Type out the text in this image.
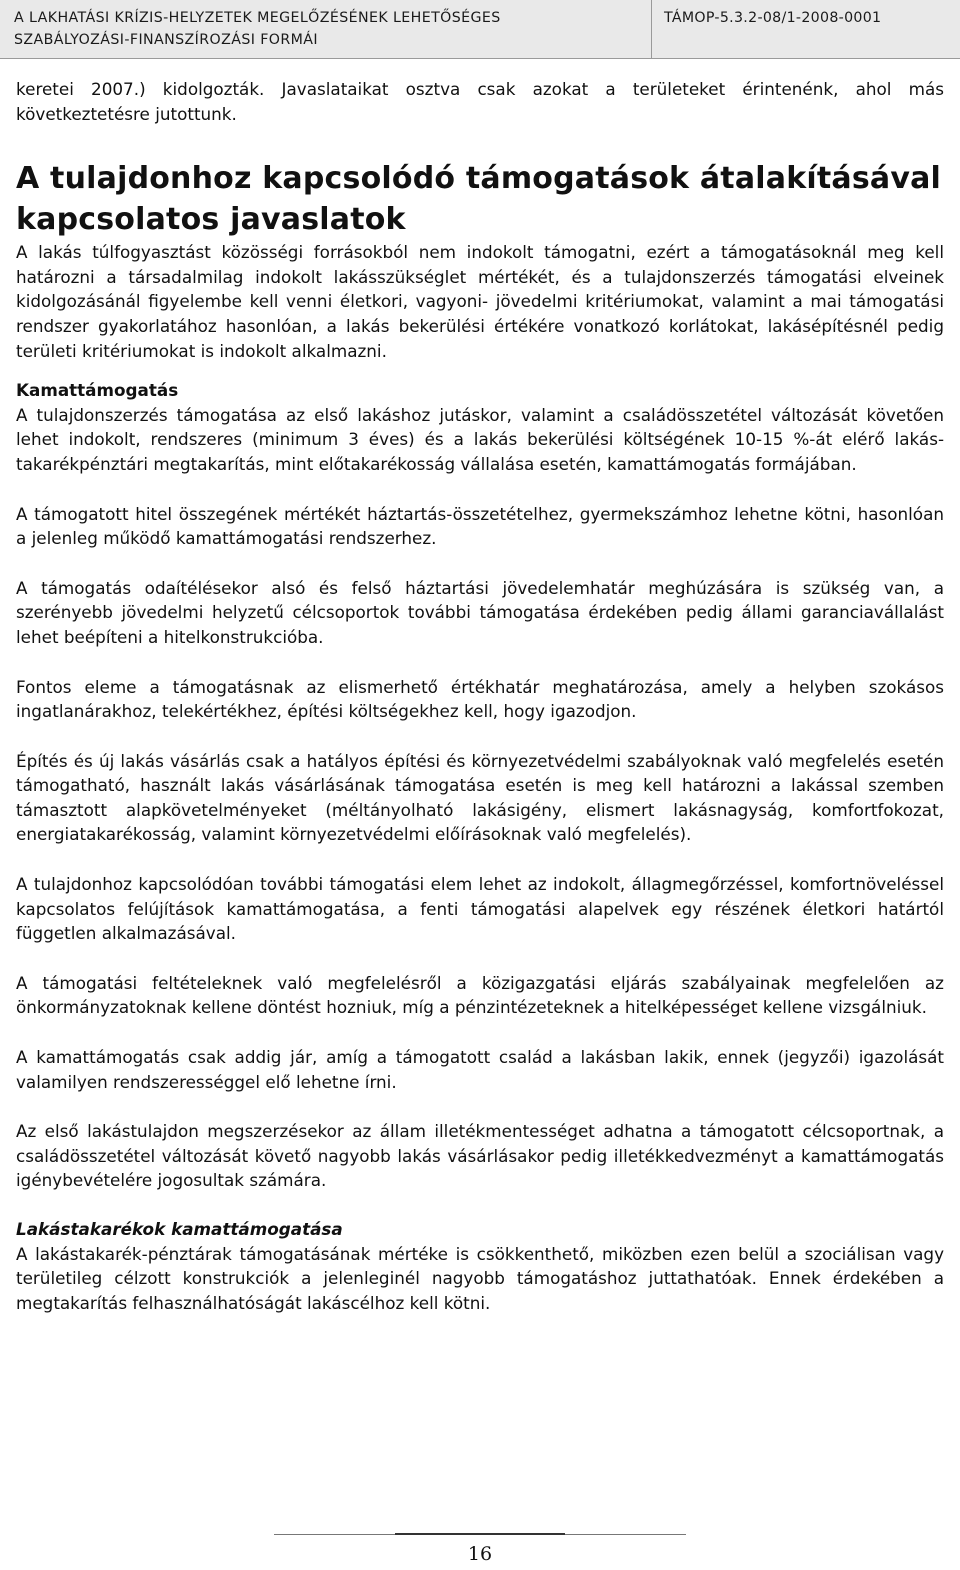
A LAKHATÁSI KRÍZIS-HELYZETEK MEGELŐZÉSÉNEK LEHETŐSÉGES
SZABÁLYOZÁSI-FINANSZÍROZÁSI FORMÁI
TÁMOP-5.3.2-08/1-2008-0001

keretei 2007.) kidolgozták. Javaslataikat osztva csak azokat a területeket érintenénk, ahol más következtetésre jutottunk.

A tulajdonhoz kapcsolódó támogatások átalakításával kapcsolatos javaslatok

A lakás túlfogyasztást közösségi forrásokból nem indokolt támogatni, ezért a támogatásoknál meg kell határozni a társadalmilag indokolt lakásszükséglet mértékét, és a tulajdonszerzés támogatási elveinek kidolgozásánál figyelembe kell venni életkori, vagyoni- jövedelmi kritériumokat, valamint a mai támogatási rendszer gyakorlatához hasonlóan, a lakás bekerülési értékére vonatkozó korlátokat, lakásépítésnél pedig területi kritériumokat is indokolt alkalmazni.

Kamattámogatás

A tulajdonszerzés támogatása az első lakáshoz jutáskor, valamint a családösszetétel változását követően lehet indokolt, rendszeres (minimum 3 éves) és a lakás bekerülési költségének 10-15 %-át elérő lakás-takarékpénztári megtakarítás, mint előtakarékosság vállalása esetén, kamattámogatás formájában.

A támogatott hitel összegének mértékét háztartás-összetételhez, gyermekszámhoz lehetne kötni, hasonlóan a jelenleg működő kamattámogatási rendszerhez.

A támogatás odaítélésekor alsó és felső háztartási jövedelemhatár meghúzására is szükség van, a szerényebb jövedelmi helyzetű célcsoportok további támogatása érdekében pedig állami garanciavállalást lehet beépíteni a hitelkonstrukcióba.

Fontos eleme a támogatásnak az elismerhető értékhatár meghatározása, amely a helyben szokásos ingatlanárakhoz, telekértékhez, építési költségekhez kell, hogy igazodjon.

Építés és új lakás vásárlás csak a hatályos építési és környezetvédelmi szabályoknak való megfelelés esetén támogatható, használt lakás vásárlásának támogatása esetén is meg kell határozni a lakással szemben támasztott alapkövetelményeket (méltányolható lakásigény, elismert lakásnagyság, komfortfokozat, energiatakarékosság, valamint környezetvédelmi előírásoknak való megfelelés).

A tulajdonhoz kapcsolódóan további támogatási elem lehet az indokolt, állagmegőrzéssel, komfortnöveléssel kapcsolatos felújítások kamattámogatása, a fenti támogatási alapelvek egy részének életkori határtól független alkalmazásával.

A támogatási feltételeknek való megfelelésről a közigazgatási eljárás szabályainak megfelelően az önkormányzatoknak kellene döntést hozniuk, míg a pénzintézeteknek a hitelképességet kellene vizsgálniuk.

A kamattámogatás csak addig jár, amíg a támogatott család a lakásban lakik, ennek (jegyzői) igazolását valamilyen rendszerességgel elő lehetne írni.

Az első lakástulajdon megszerzésekor az állam illetékmentességet adhatna a támogatott célcsoportnak, a családösszetétel változását követő nagyobb lakás vásárlásakor pedig illetékkedvezményt a kamattámogatás igénybevételére jogosultak számára.

Lakástakarékok kamattámogatása

A lakástakarék-pénztárak támogatásának mértéke is csökkenthető, miközben ezen belül a szociálisan vagy területileg célzott konstrukciók a jelenleginél nagyobb támogatáshoz juttathatóak. Ennek érdekében a megtakarítás felhasználhatóságát lakáscélhoz kell kötni.

16
